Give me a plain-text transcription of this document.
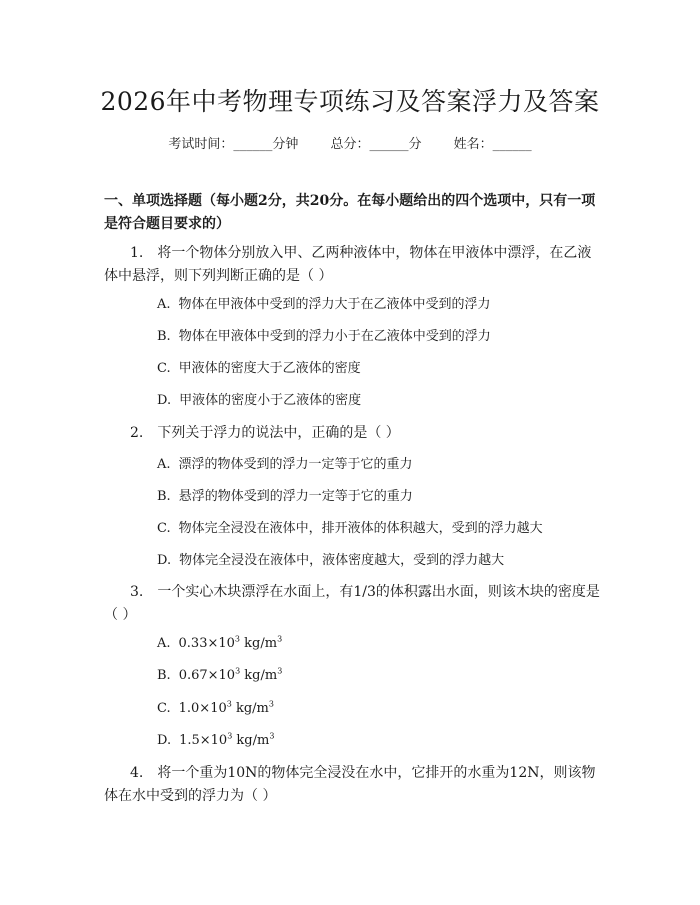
2026年中考物理专项练习及答案浮力及答案
考试时间：______分钟 总分：______分 姓名：______
一、单项选择题（每小题2分，共20分。在每小题给出的四个选项中，只有一项是符合题目要求的）
1. 将一个物体分别放入甲、乙两种液体中，物体在甲液体中漂浮，在乙液体中悬浮，则下列判断正确的是（ ）
A. 物体在甲液体中受到的浮力大于在乙液体中受到的浮力
B. 物体在甲液体中受到的浮力小于在乙液体中受到的浮力
C. 甲液体的密度大于乙液体的密度
D. 甲液体的密度小于乙液体的密度
2. 下列关于浮力的说法中，正确的是（ ）
A. 漂浮的物体受到的浮力一定等于它的重力
B. 悬浮的物体受到的浮力一定等于它的重力
C. 物体完全浸没在液体中，排开液体的体积越大，受到的浮力越大
D. 物体完全浸没在液体中，液体密度越大，受到的浮力越大
3. 一个实心木块漂浮在水面上，有1/3的体积露出水面，则该木块的密度是（ ）
A. $0.33\times 10^3$ $kg/m^3$
B. $0.67\times 10^3$ $kg/m^3$
C. $1.0\times 10^3$ $kg/m^3$
D. $1.5\times 10^3$ $kg/m^3$
4. 将一个重为10N的物体完全浸没在水中，它排开的水重为12N，则该物体在水中受到的浮力为（ ）
